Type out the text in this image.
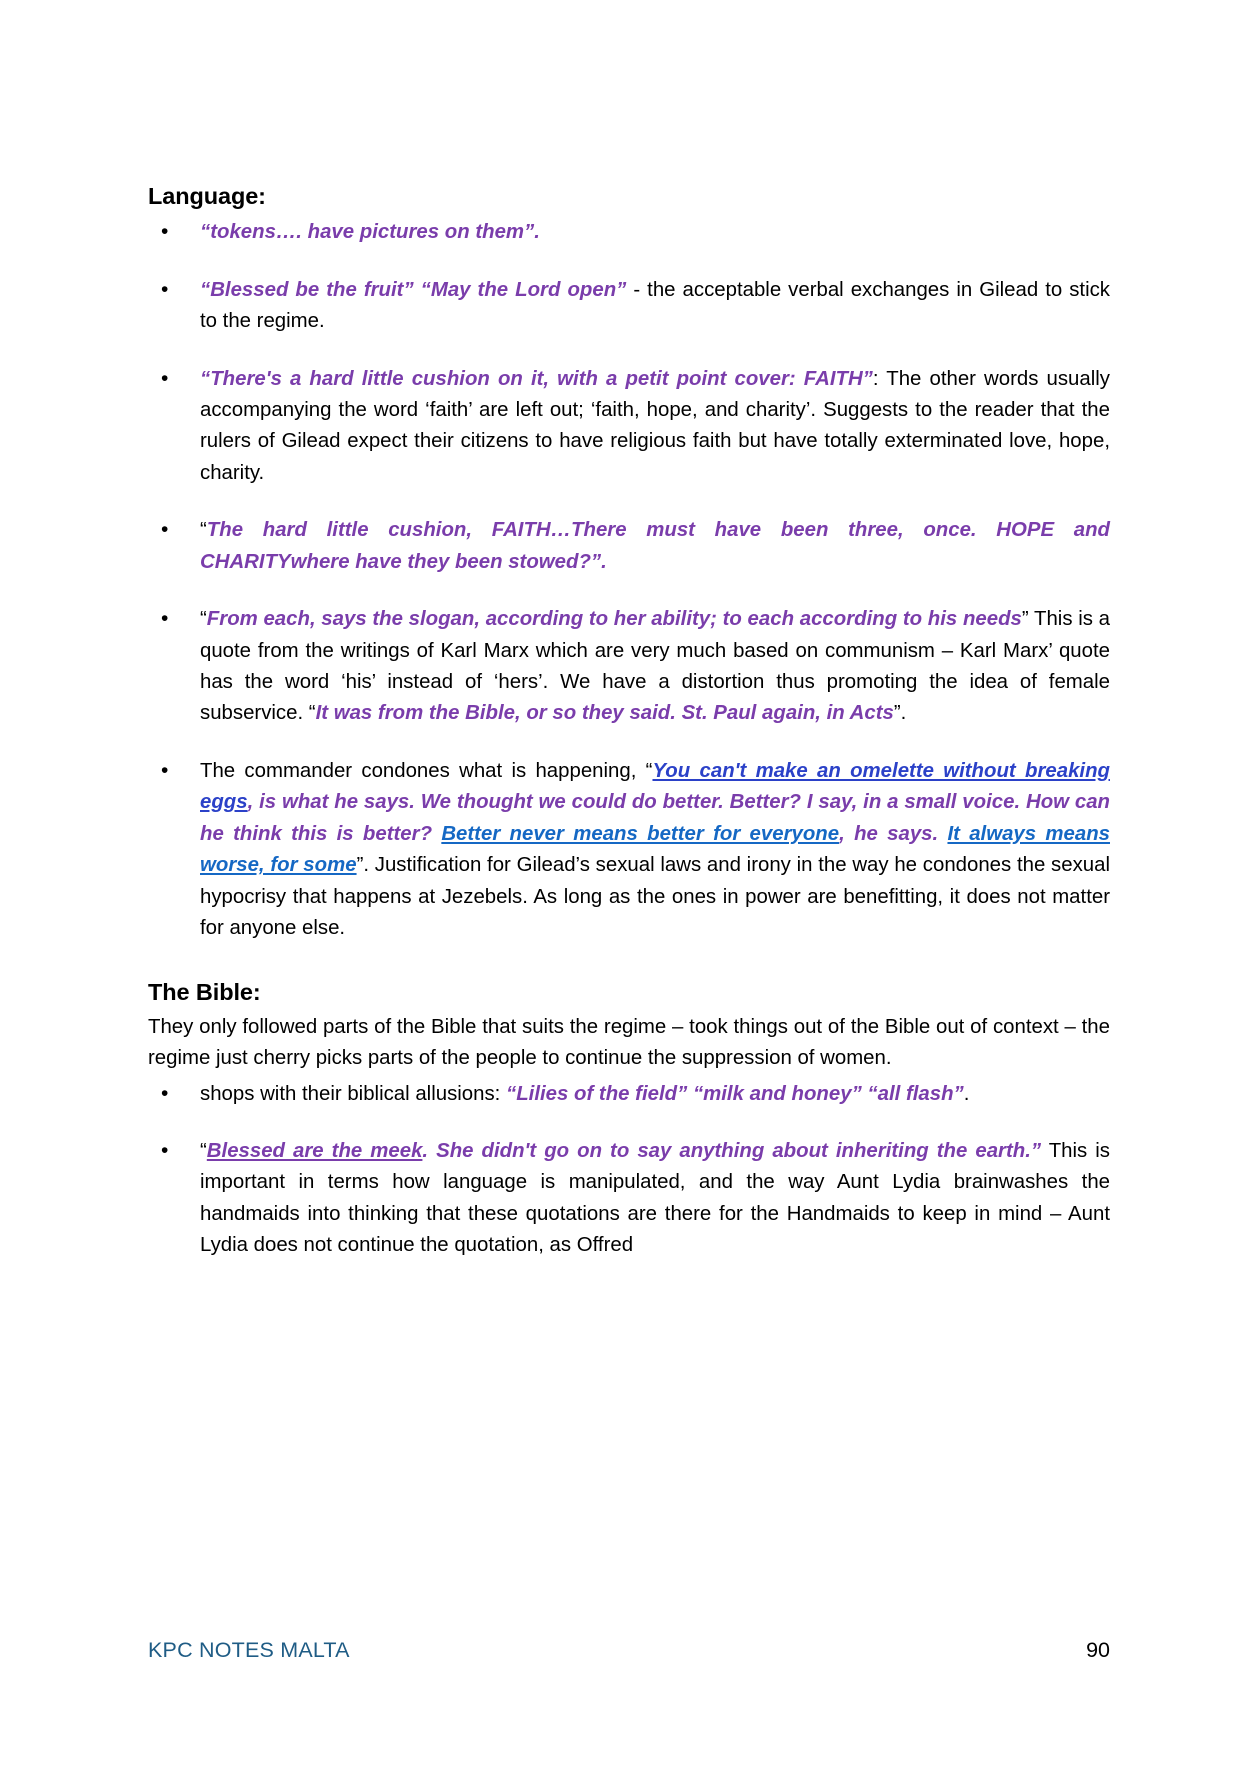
Language:
• “tokens…. have pictures on them”.
• “Blessed be the fruit” “May the Lord open” - the acceptable verbal exchanges in Gilead to stick to the regime.
• “There's a hard little cushion on it, with a petit point cover: FAITH”: The other words usually accompanying the word ‘faith’ are left out; ‘faith, hope, and charity’. Suggests to the reader that the rulers of Gilead expect their citizens to have religious faith but have totally exterminated love, hope, charity.
• “The hard little cushion, FAITH…There must have been three, once. HOPE and CHARITYwhere have they been stowed?”.
• “From each, says the slogan, according to her ability; to each according to his needs” This is a quote from the writings of Karl Marx which are very much based on communism – Karl Marx’ quote has the word ‘his’ instead of ‘hers’. We have a distortion thus promoting the idea of female subservice. “It was from the Bible, or so they said. St. Paul again, in Acts”.
• The commander condones what is happening, “You can't make an omelette without breaking eggs, is what he says. We thought we could do better. Better? I say, in a small voice. How can he think this is better? Better never means better for everyone, he says. It always means worse, for some”. Justification for Gilead’s sexual laws and irony in the way he condones the sexual hypocrisy that happens at Jezebels. As long as the ones in power are benefitting, it does not matter for anyone else.
The Bible:

They only followed parts of the Bible that suits the regime – took things out of the Bible out of context – the regime just cherry picks parts of the people to continue the suppression of women.

• shops with their biblical allusions: “Lilies of the field” “milk and honey” “all flash”.
• “Blessed are the meek. She didn't go on to say anything about inheriting the earth.” This is important in terms how language is manipulated, and the way Aunt Lydia brainwashes the handmaids into thinking that these quotations are there for the Handmaids to keep in mind – Aunt Lydia does not continue the quotation, as Offred
KPC NOTES MALTA	90
